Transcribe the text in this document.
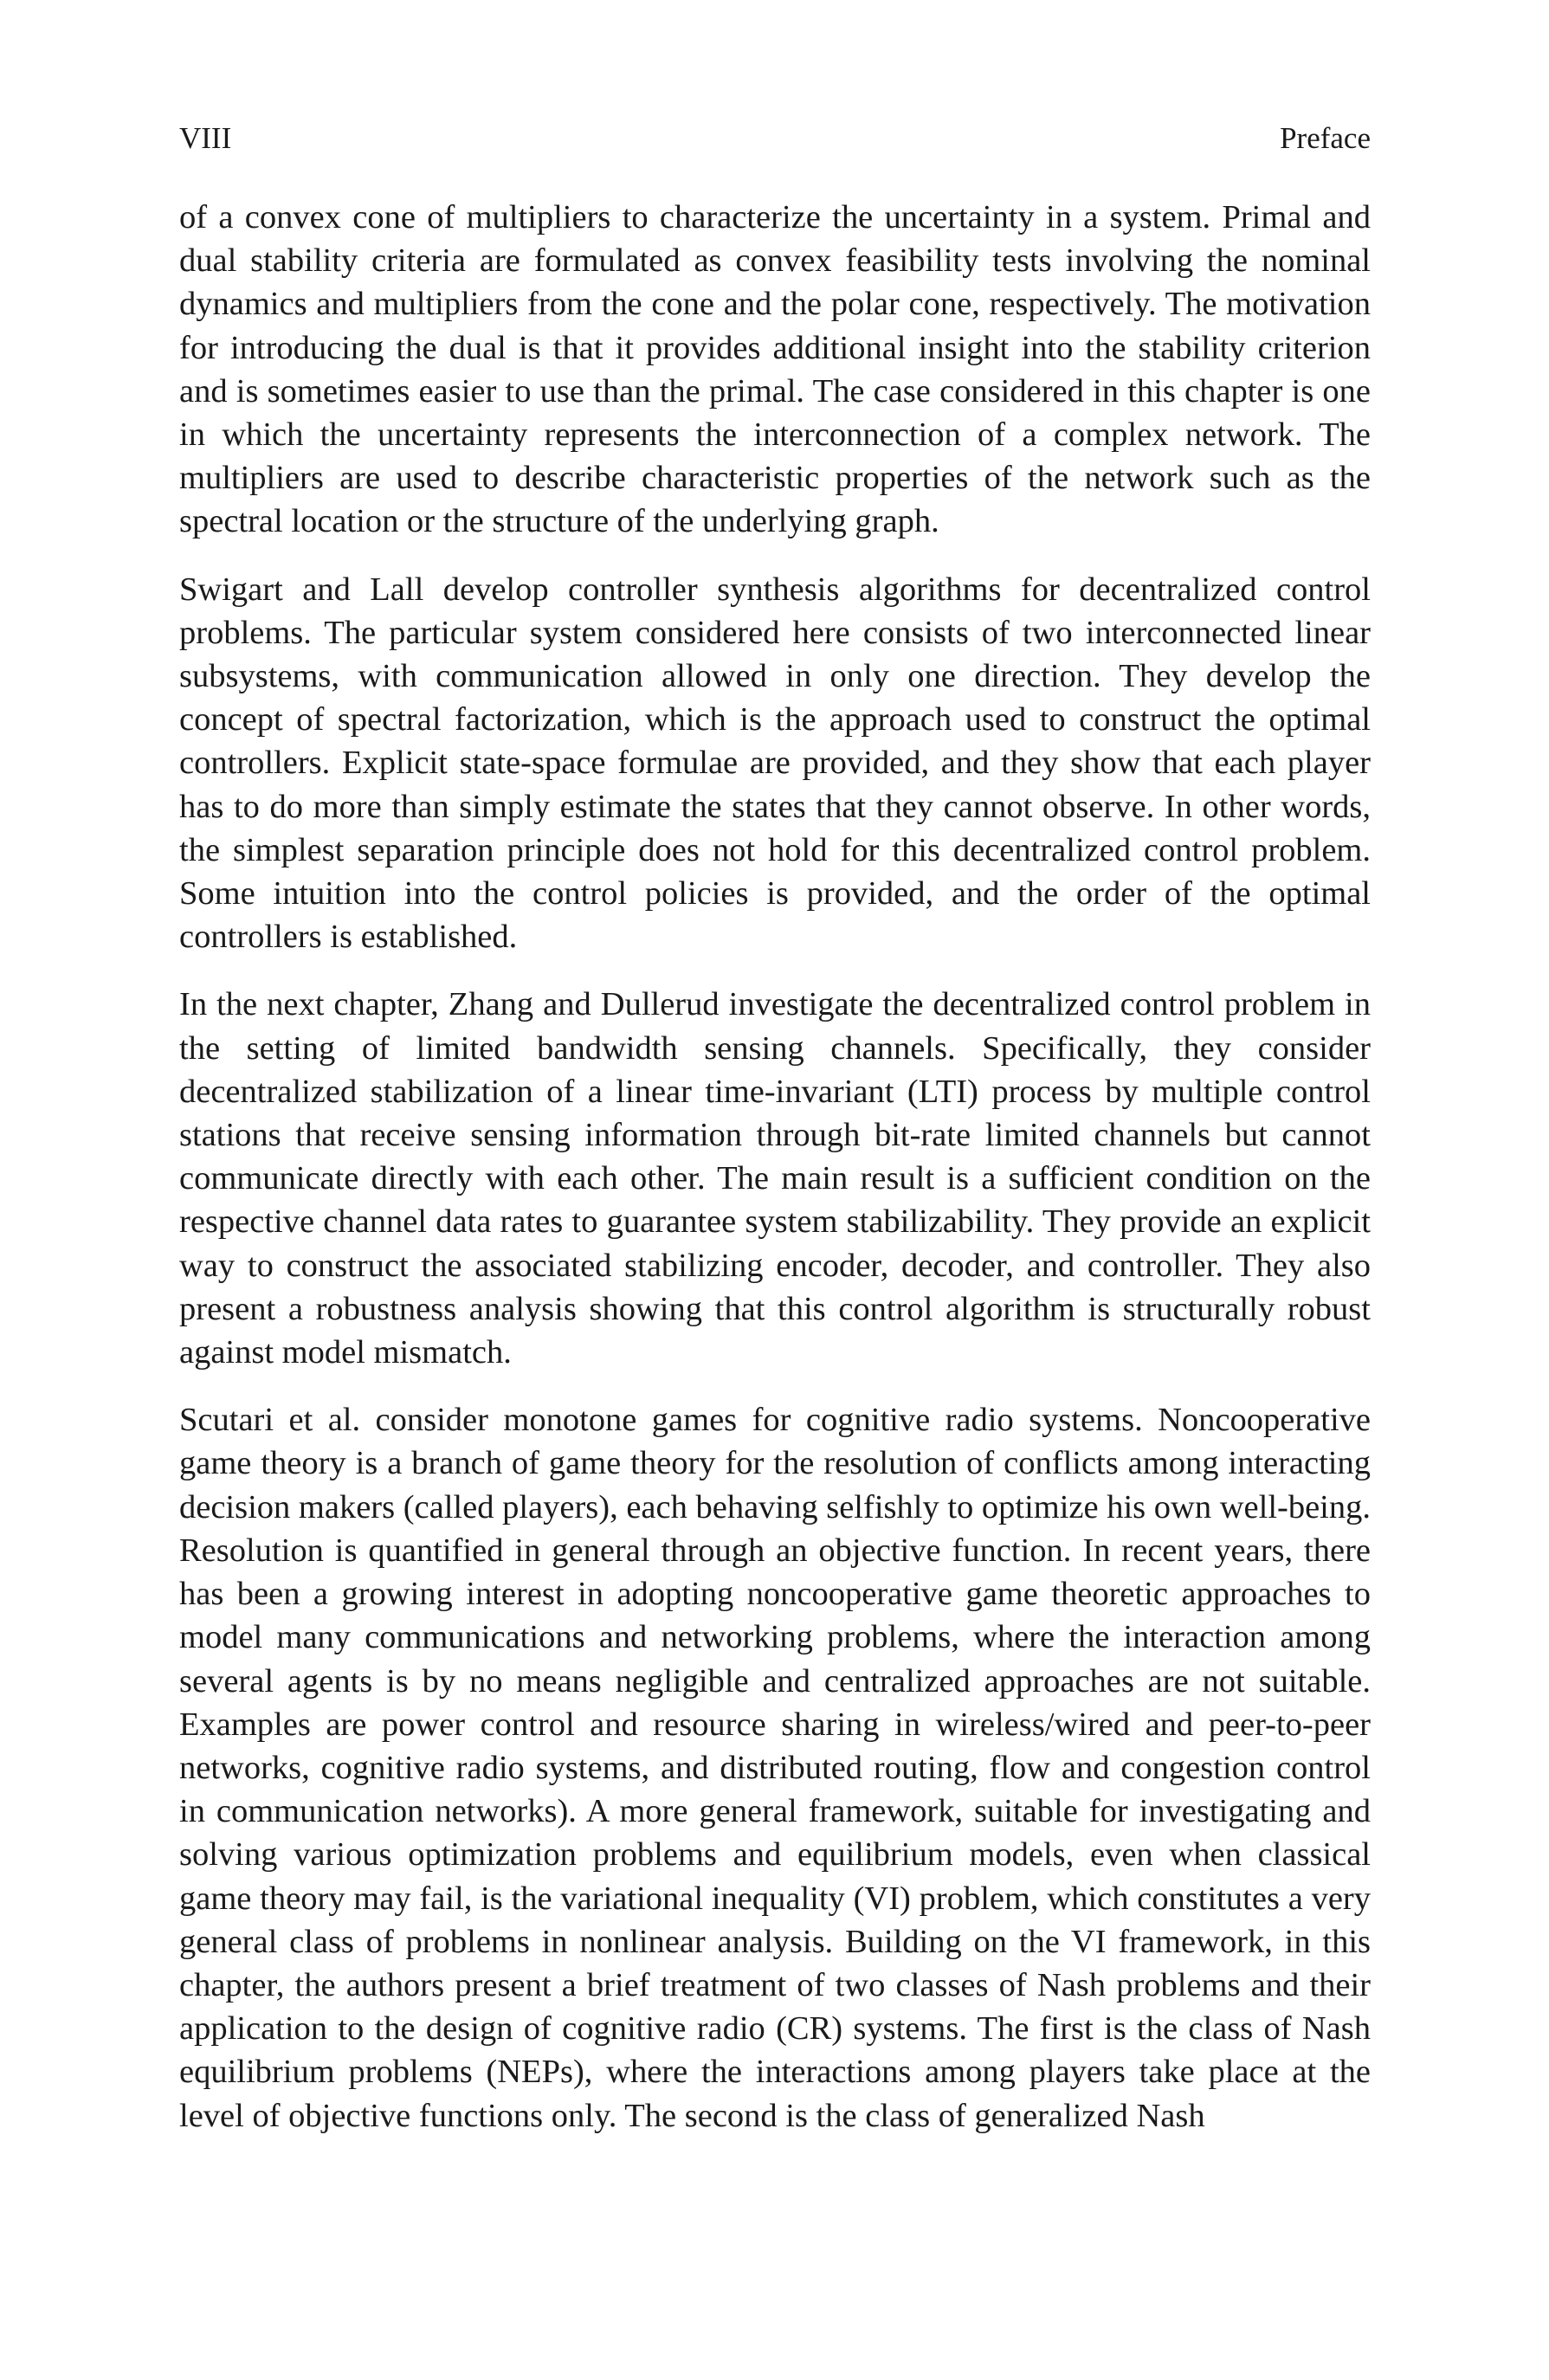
VIII	Preface

of a convex cone of multipliers to characterize the uncertainty in a system. Primal and dual stability criteria are formulated as convex feasibility tests involving the nominal dynamics and multipliers from the cone and the polar cone, respectively. The motivation for introducing the dual is that it provides additional insight into the stability criterion and is sometimes easier to use than the primal. The case considered in this chapter is one in which the uncertainty represents the interconnection of a complex network. The multipliers are used to describe characteristic properties of the network such as the spectral location or the structure of the underlying graph.

Swigart and Lall develop controller synthesis algorithms for decentralized control problems. The particular system considered here consists of two interconnected linear subsystems, with communication allowed in only one direction. They develop the concept of spectral factorization, which is the approach used to construct the optimal controllers. Explicit state-space formulae are provided, and they show that each player has to do more than simply estimate the states that they cannot observe. In other words, the simplest separation principle does not hold for this decentralized control problem. Some intuition into the control policies is provided, and the order of the optimal controllers is established.

In the next chapter, Zhang and Dullerud investigate the decentralized control problem in the setting of limited bandwidth sensing channels. Specifically, they consider decentralized stabilization of a linear time-invariant (LTI) process by multiple control stations that receive sensing information through bit-rate limited channels but cannot communicate directly with each other. The main result is a sufficient condition on the respective channel data rates to guarantee system stabilizability. They provide an explicit way to construct the associated stabilizing encoder, decoder, and controller. They also present a robustness analysis showing that this control algorithm is structurally robust against model mismatch.

Scutari et al. consider monotone games for cognitive radio systems. Noncooperative game theory is a branch of game theory for the resolution of conflicts among interacting decision makers (called players), each behaving selfishly to optimize his own well-being. Resolution is quantified in general through an objective function. In recent years, there has been a growing interest in adopting noncooperative game theoretic approaches to model many communications and networking problems, where the interaction among several agents is by no means negligible and centralized approaches are not suitable. Examples are power control and resource sharing in wireless/wired and peer-to-peer networks, cognitive radio systems, and distributed routing, flow and congestion control in communication networks). A more general framework, suitable for investigating and solving various optimization problems and equilibrium models, even when classical game theory may fail, is the variational inequality (VI) problem, which constitutes a very general class of problems in nonlinear analysis. Building on the VI framework, in this chapter, the authors present a brief treatment of two classes of Nash problems and their application to the design of cognitive radio (CR) systems. The first is the class of Nash equilibrium problems (NEPs), where the interactions among players take place at the level of objective functions only. The second is the class of generalized Nash
